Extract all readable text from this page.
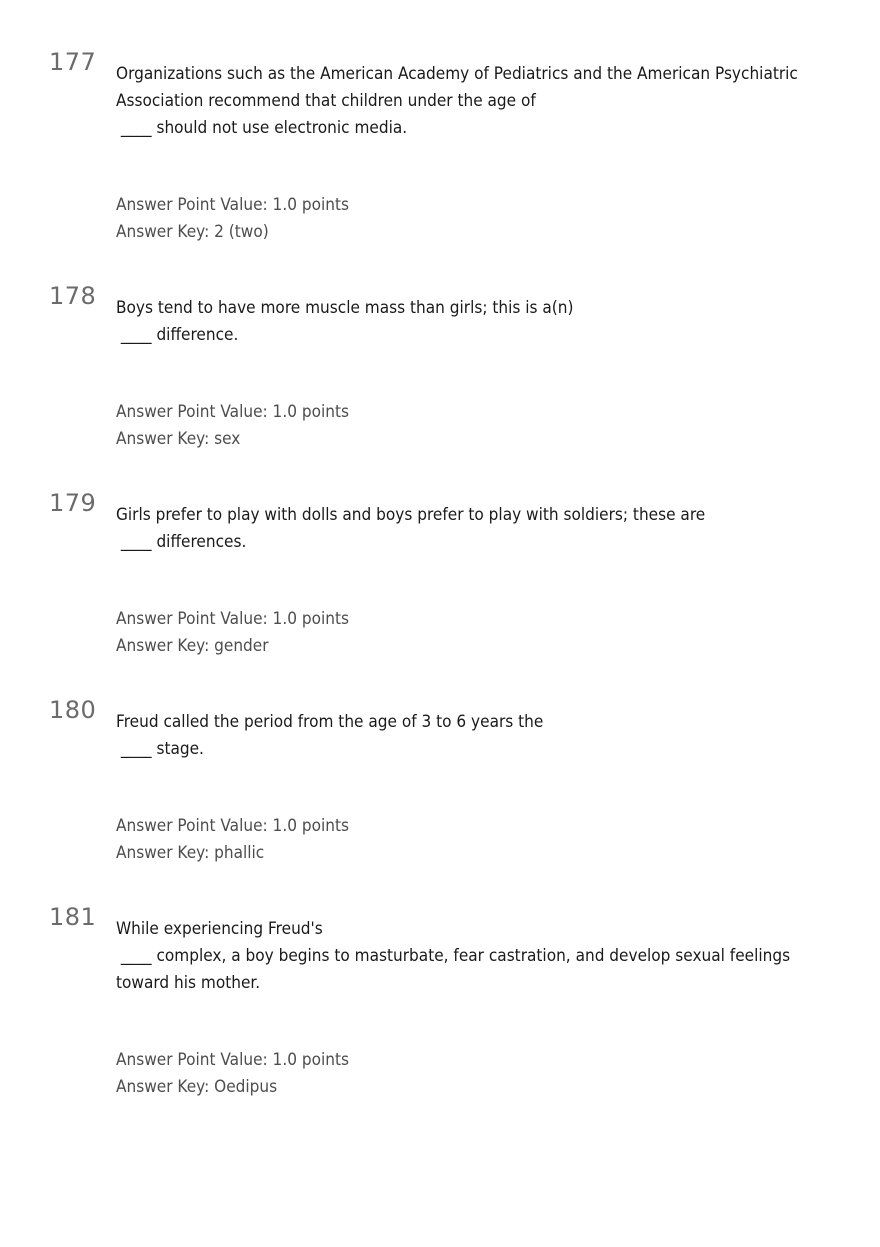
177 Organizations such as the American Academy of Pediatrics and the American Psychiatric
Association recommend that children under the age of
____ should not use electronic media.
Answer Point Value: 1.0 points
Answer Key: 2 (two)
178 Boys tend to have more muscle mass than girls; this is a(n)
____ difference.
Answer Point Value: 1.0 points
Answer Key: sex
179 Girls prefer to play with dolls and boys prefer to play with soldiers; these are
____ differences.
Answer Point Value: 1.0 points
Answer Key: gender
180 Freud called the period from the age of 3 to 6 years the
____ stage.
Answer Point Value: 1.0 points
Answer Key: phallic
181 While experiencing Freud's
____ complex, a boy begins to masturbate, fear castration, and develop sexual feelings
toward his mother.
Answer Point Value: 1.0 points
Answer Key: Oedipus
